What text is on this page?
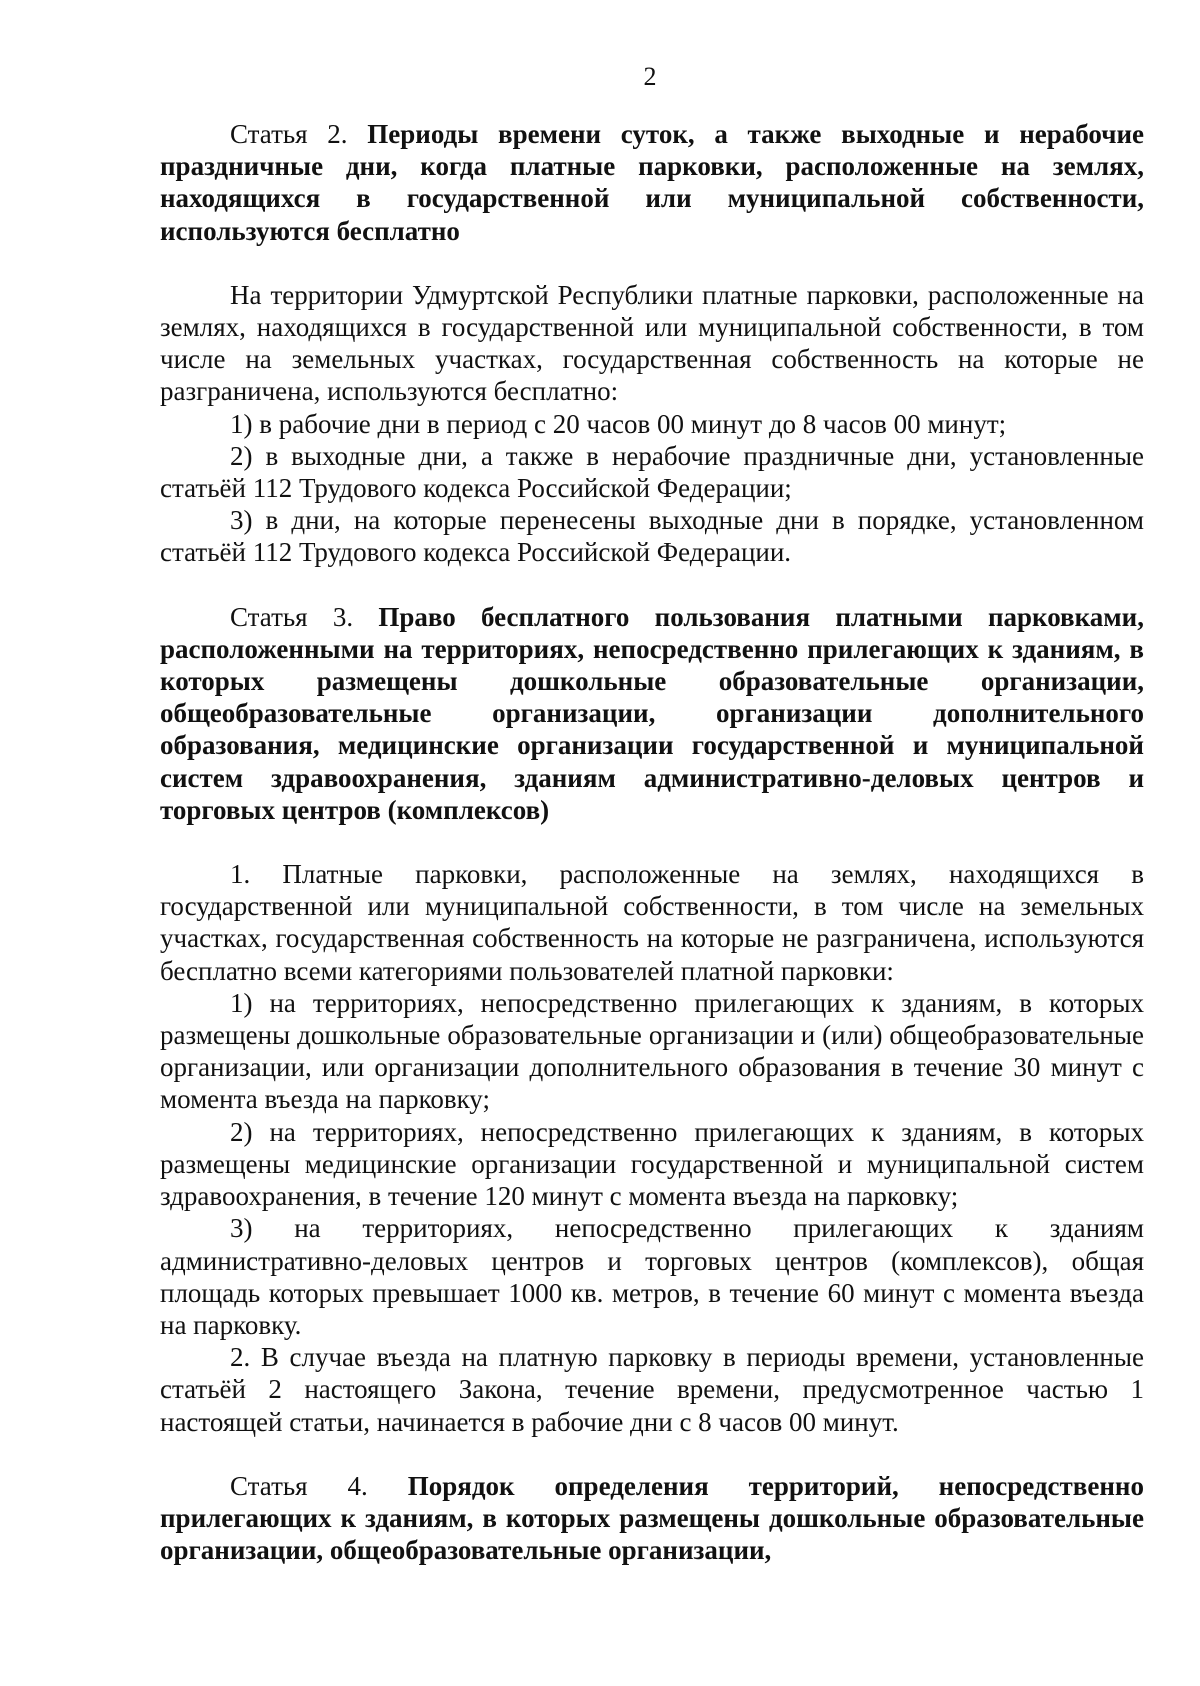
2

Статья 2. Периоды времени суток, а также выходные и нерабочие праздничные дни, когда платные парковки, расположенные на землях, находящихся в государственной или муниципальной собственности, используются бесплатно

На территории Удмуртской Республики платные парковки, расположенные на землях, находящихся в государственной или муниципальной собственности, в том числе на земельных участках, государственная собственность на которые не разграничена, используются бесплатно:

1) в рабочие дни в период с 20 часов 00 минут до 8 часов 00 минут;

2) в выходные дни, а также в нерабочие праздничные дни, установленные статьёй 112 Трудового кодекса Российской Федерации;

3) в дни, на которые перенесены выходные дни в порядке, установленном статьёй 112 Трудового кодекса Российской Федерации.

Статья 3. Право бесплатного пользования платными парковками, расположенными на территориях, непосредственно прилегающих к зданиям, в которых размещены дошкольные образовательные организации, общеобразовательные организации, организации дополнительного образования, медицинские организации государственной и муниципальной систем здравоохранения, зданиям административно-деловых центров и торговых центров (комплексов)

1. Платные парковки, расположенные на землях, находящихся в государственной или муниципальной собственности, в том числе на земельных участках, государственная собственность на которые не разграничена, используются бесплатно всеми категориями пользователей платной парковки:

1) на территориях, непосредственно прилегающих к зданиям, в которых размещены дошкольные образовательные организации и (или) общеобразовательные организации, или организации дополнительного образования в течение 30 минут с момента въезда на парковку;

2) на территориях, непосредственно прилегающих к зданиям, в которых размещены медицинские организации государственной и муниципальной систем здравоохранения, в течение 120 минут с момента въезда на парковку;

3) на территориях, непосредственно прилегающих к зданиям административно-деловых центров и торговых центров (комплексов), общая площадь которых превышает 1000 кв. метров, в течение 60 минут с момента въезда на парковку.

2. В случае въезда на платную парковку в периоды времени, установленные статьёй 2 настоящего Закона, течение времени, предусмотренное частью 1 настоящей статьи, начинается в рабочие дни с 8 часов 00 минут.

Статья 4. Порядок определения территорий, непосредственно прилегающих к зданиям, в которых размещены дошкольные образовательные организации, общеобразовательные организации,
